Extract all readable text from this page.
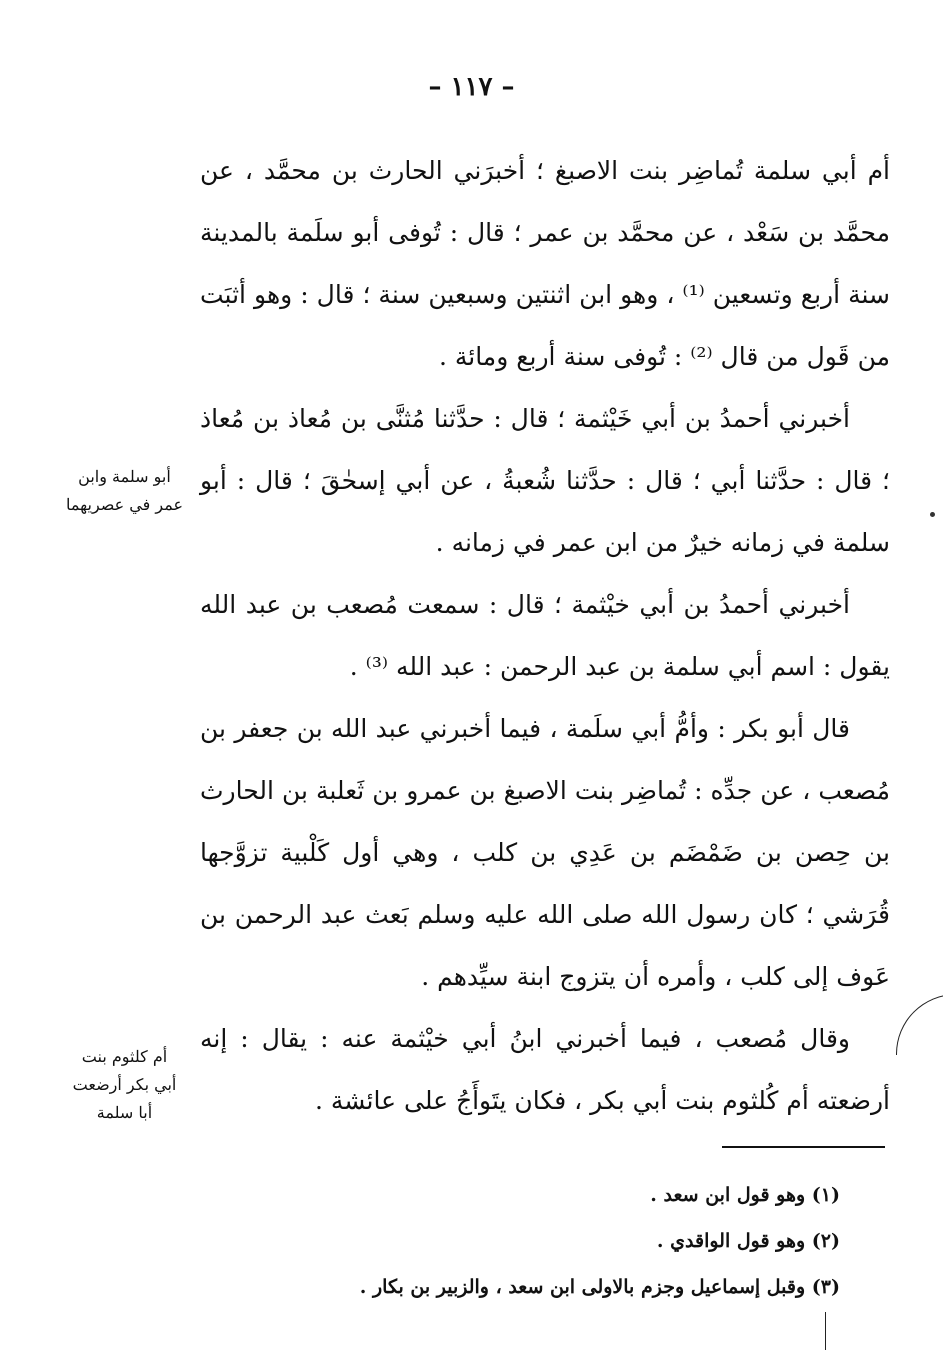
– ١١٧ –

أم أبي سلمة تُماضِر بنت الاصبغ ؛ أخبرَني الحارث بن محمَّد ، عن محمَّد بن سَعْد ، عن محمَّد بن عمر ؛ قال : تُوفى أبو سلَمة بالمدينة سنة أربع وتسعين ⁽¹⁾ ، وهو ابن اثنتين وسبعين سنة ؛ قال : وهو أثبَت من قَول من قال ⁽²⁾ : تُوفى سنة أربع ومائة .

أخبرني أحمدُ بن أبي خَيْثمة ؛ قال : حدَّثنا مُثنَّى بن مُعاذ بن مُعاذ ؛ قال : حدَّثنا أبي ؛ قال : حدَّثنا شُعبةُ ، عن أبي إسحٰقَ ؛ قال : أبو سلمة في زمانه خيرٌ من ابن عمر في زمانه .

أخبرني أحمدُ بن أبي خيْثمة ؛ قال : سمعت مُصعب بن عبد الله يقول : اسم أبي سلمة بن عبد الرحمن : عبد الله ⁽³⁾ .

قال أبو بكر : وأمُّ أبي سلَمة ، فيما أخبرني عبد الله بن جعفر بن مُصعب ، عن جدِّه : تُماضِر بنت الاصبغ بن عمرو بن ثَعلبة بن الحارث بن حِصن بن ضَمْضَم بن عَدِي بن كلب ، وهي أول كَلْبية تزوَّجها قُرَشي ؛ كان رسول الله صلى الله عليه وسلم بَعث عبد الرحمن بن عَوف إلى كلب ، وأمره أن يتزوج ابنة سيِّدهم .

وقال مُصعب ، فيما أخبرني ابنُ أبي خيْثمة عنه : يقال : إنه أرضعته أم كُلثوم بنت أبي بكر ، فكان يتَوأَجُ على عائشة .

أبو سلمة وابن
عمر في عصريهما
أم كلثوم بنت
أبي بكر أرضعت
أبا سلمة

(١) وهو قول ابن سعد .

(٢) وهو قول الواقدي .

(٣) وقبل إسماعيل وجزم بالاولى ابن سعد ، والزبير بن بكار .
